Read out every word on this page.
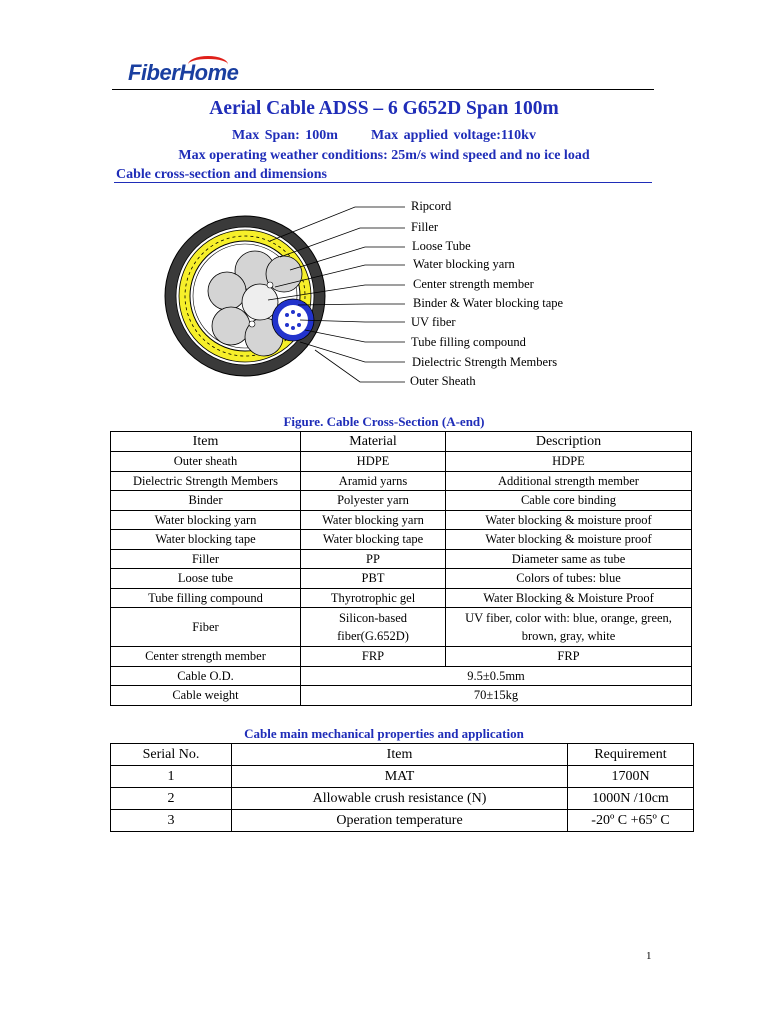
FiberHome
Aerial Cable ADSS – 6 G652D Span 100m
Max Span: 100m      Max applied voltage:110kv
Max operating weather conditions: 25m/s wind speed and no ice load
Cable cross-section and dimensions
Ripcord
Filler
Loose Tube
Water blocking yarn
Center strength member
Binder & Water blocking tape
UV fiber
Tube filling compound
Dielectric Strength Members
Outer Sheath
Figure. Cable Cross-Section (A-end)
Item	Material	Description
Outer sheath	HDPE	HDPE
Dielectric Strength Members	Aramid yarns	Additional strength member
Binder	Polyester yarn	Cable core binding
Water blocking yarn	Water blocking yarn	Water blocking & moisture proof
Water blocking tape	Water blocking tape	Water blocking & moisture proof
Filler	PP	Diameter same as tube
Loose tube	PBT	Colors of tubes: blue
Tube filling compound	Thyrotrophic gel	Water Blocking & Moisture Proof
Fiber	Silicon-based fiber(G.652D)	UV fiber, color with: blue, orange, green, brown, gray, white
Center strength member	FRP	FRP
Cable O.D.	9.5±0.5mm	
Cable weight	70±15kg	
Cable main mechanical properties and application
Serial No.	Item	Requirement
1	MAT	1700N
2	Allowable crush resistance (N)	1000N /10cm
3	Operation temperature	-20º C +65º C
1
